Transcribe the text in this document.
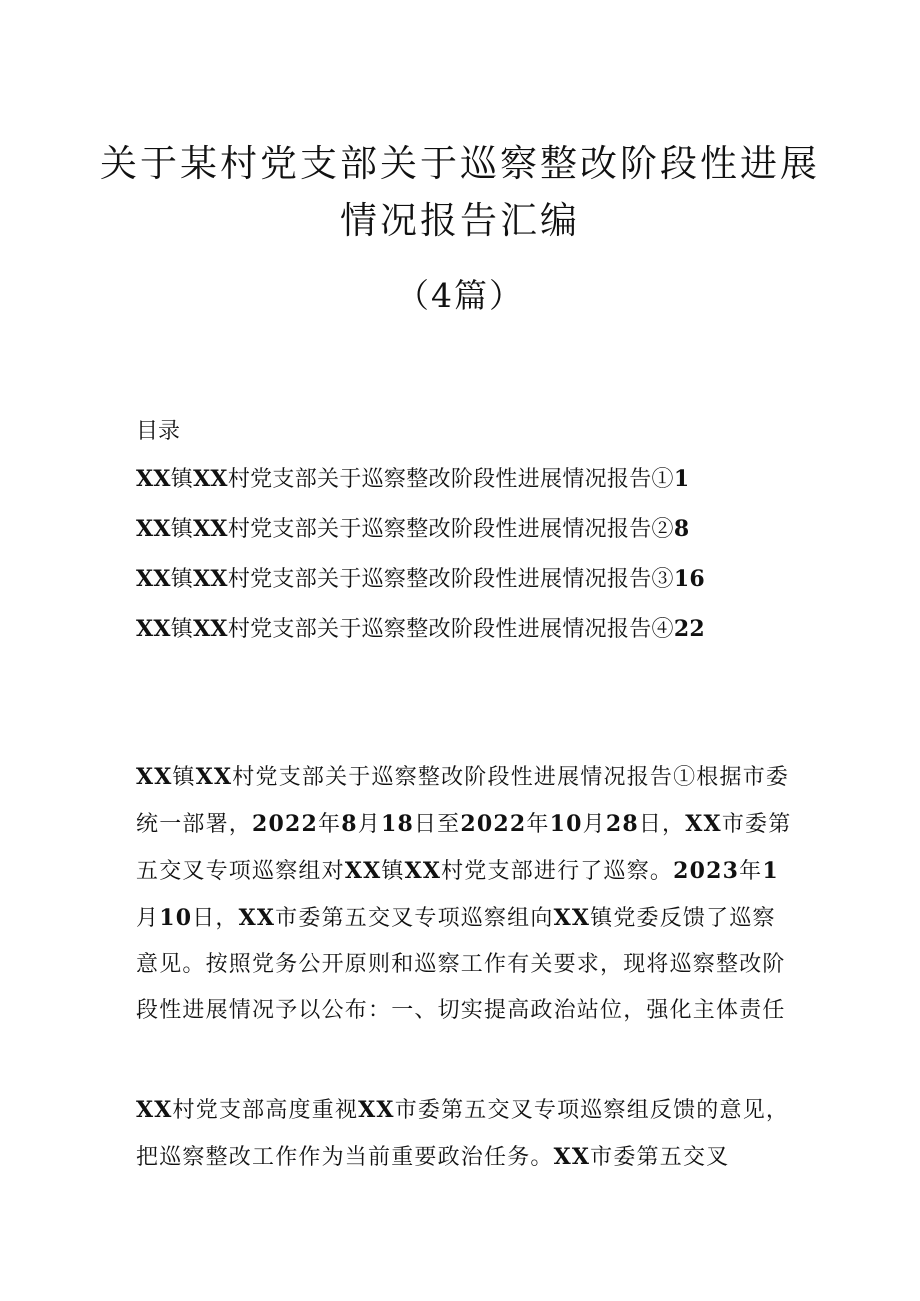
关于某村党支部关于巡察整改阶段性进展
情况报告汇编

（4篇）

目录

XX镇XX村党支部关于巡察整改阶段性进展情况报告①1
XX镇XX村党支部关于巡察整改阶段性进展情况报告②8
XX镇XX村党支部关于巡察整改阶段性进展情况报告③16
XX镇XX村党支部关于巡察整改阶段性进展情况报告④22

XX镇XX村党支部关于巡察整改阶段性进展情况报告①根据市委统一部署，2022年8月18日至2022年10月28日，XX市委第五交叉专项巡察组对XX镇XX村党支部进行了巡察。2023年1月10日，XX市委第五交叉专项巡察组向XX镇党委反馈了巡察意见。按照党务公开原则和巡察工作有关要求，现将巡察整改阶段性进展情况予以公布：一、切实提高政治站位，强化主体责任

XX村党支部高度重视XX市委第五交叉专项巡察组反馈的意见，把巡察整改工作作为当前重要政治任务。XX市委第五交叉
